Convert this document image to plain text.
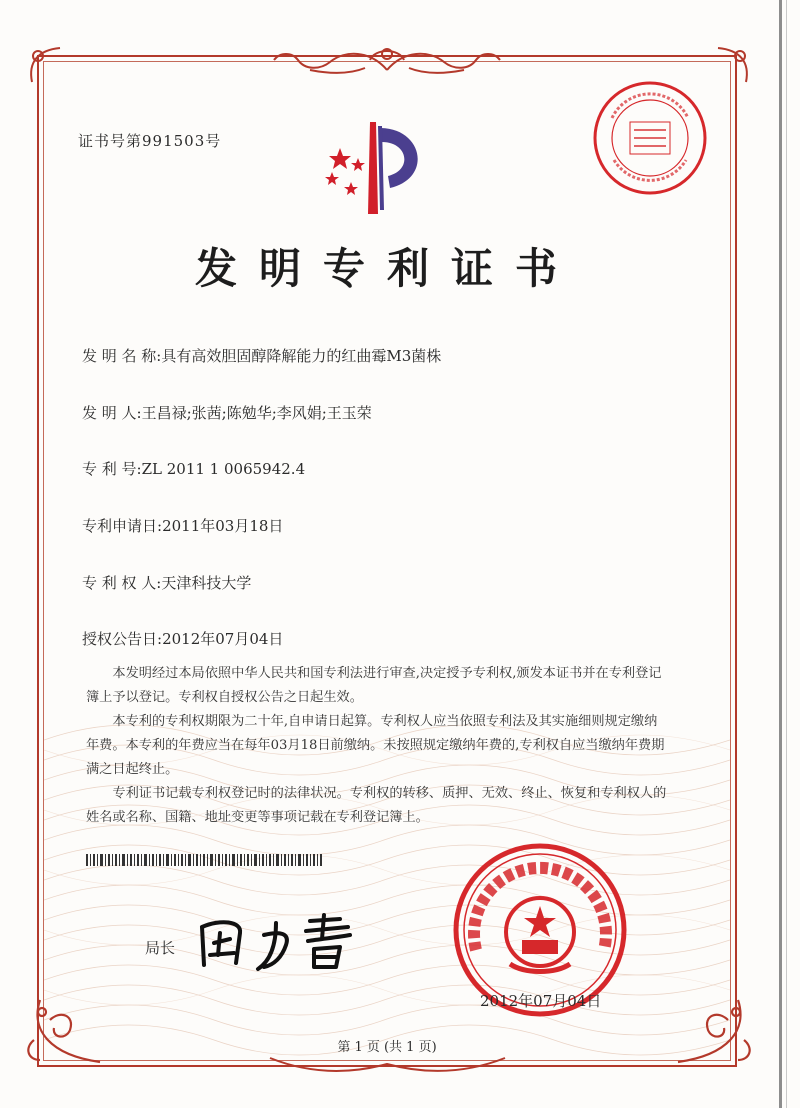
证书号第991503号
发明专利证书
发 明 名 称:具有高效胆固醇降解能力的红曲霉M3菌株
发 明 人:王昌禄;张茜;陈勉华;李风娟;王玉荣
专 利 号:ZL 2011 1 0065942.4
专利申请日:2011年03月18日
专 利 权 人:天津科技大学
授权公告日:2012年07月04日

本发明经过本局依照中华人民共和国专利法进行审查,决定授予专利权,颁发本证书并在专利登记簿上予以登记。专利权自授权公告之日起生效。

本专利的专利权期限为二十年,自申请日起算。专利权人应当依照专利法及其实施细则规定缴纳年费。本专利的年费应当在每年03月18日前缴纳。未按照规定缴纳年费的,专利权自应当缴纳年费期满之日起终止。

专利证书记载专利权登记时的法律状况。专利权的转移、质押、无效、终止、恢复和专利权人的姓名或名称、国籍、地址变更等事项记载在专利登记簿上。

局长
2012年07月04日
第 1 页 (共 1 页)
